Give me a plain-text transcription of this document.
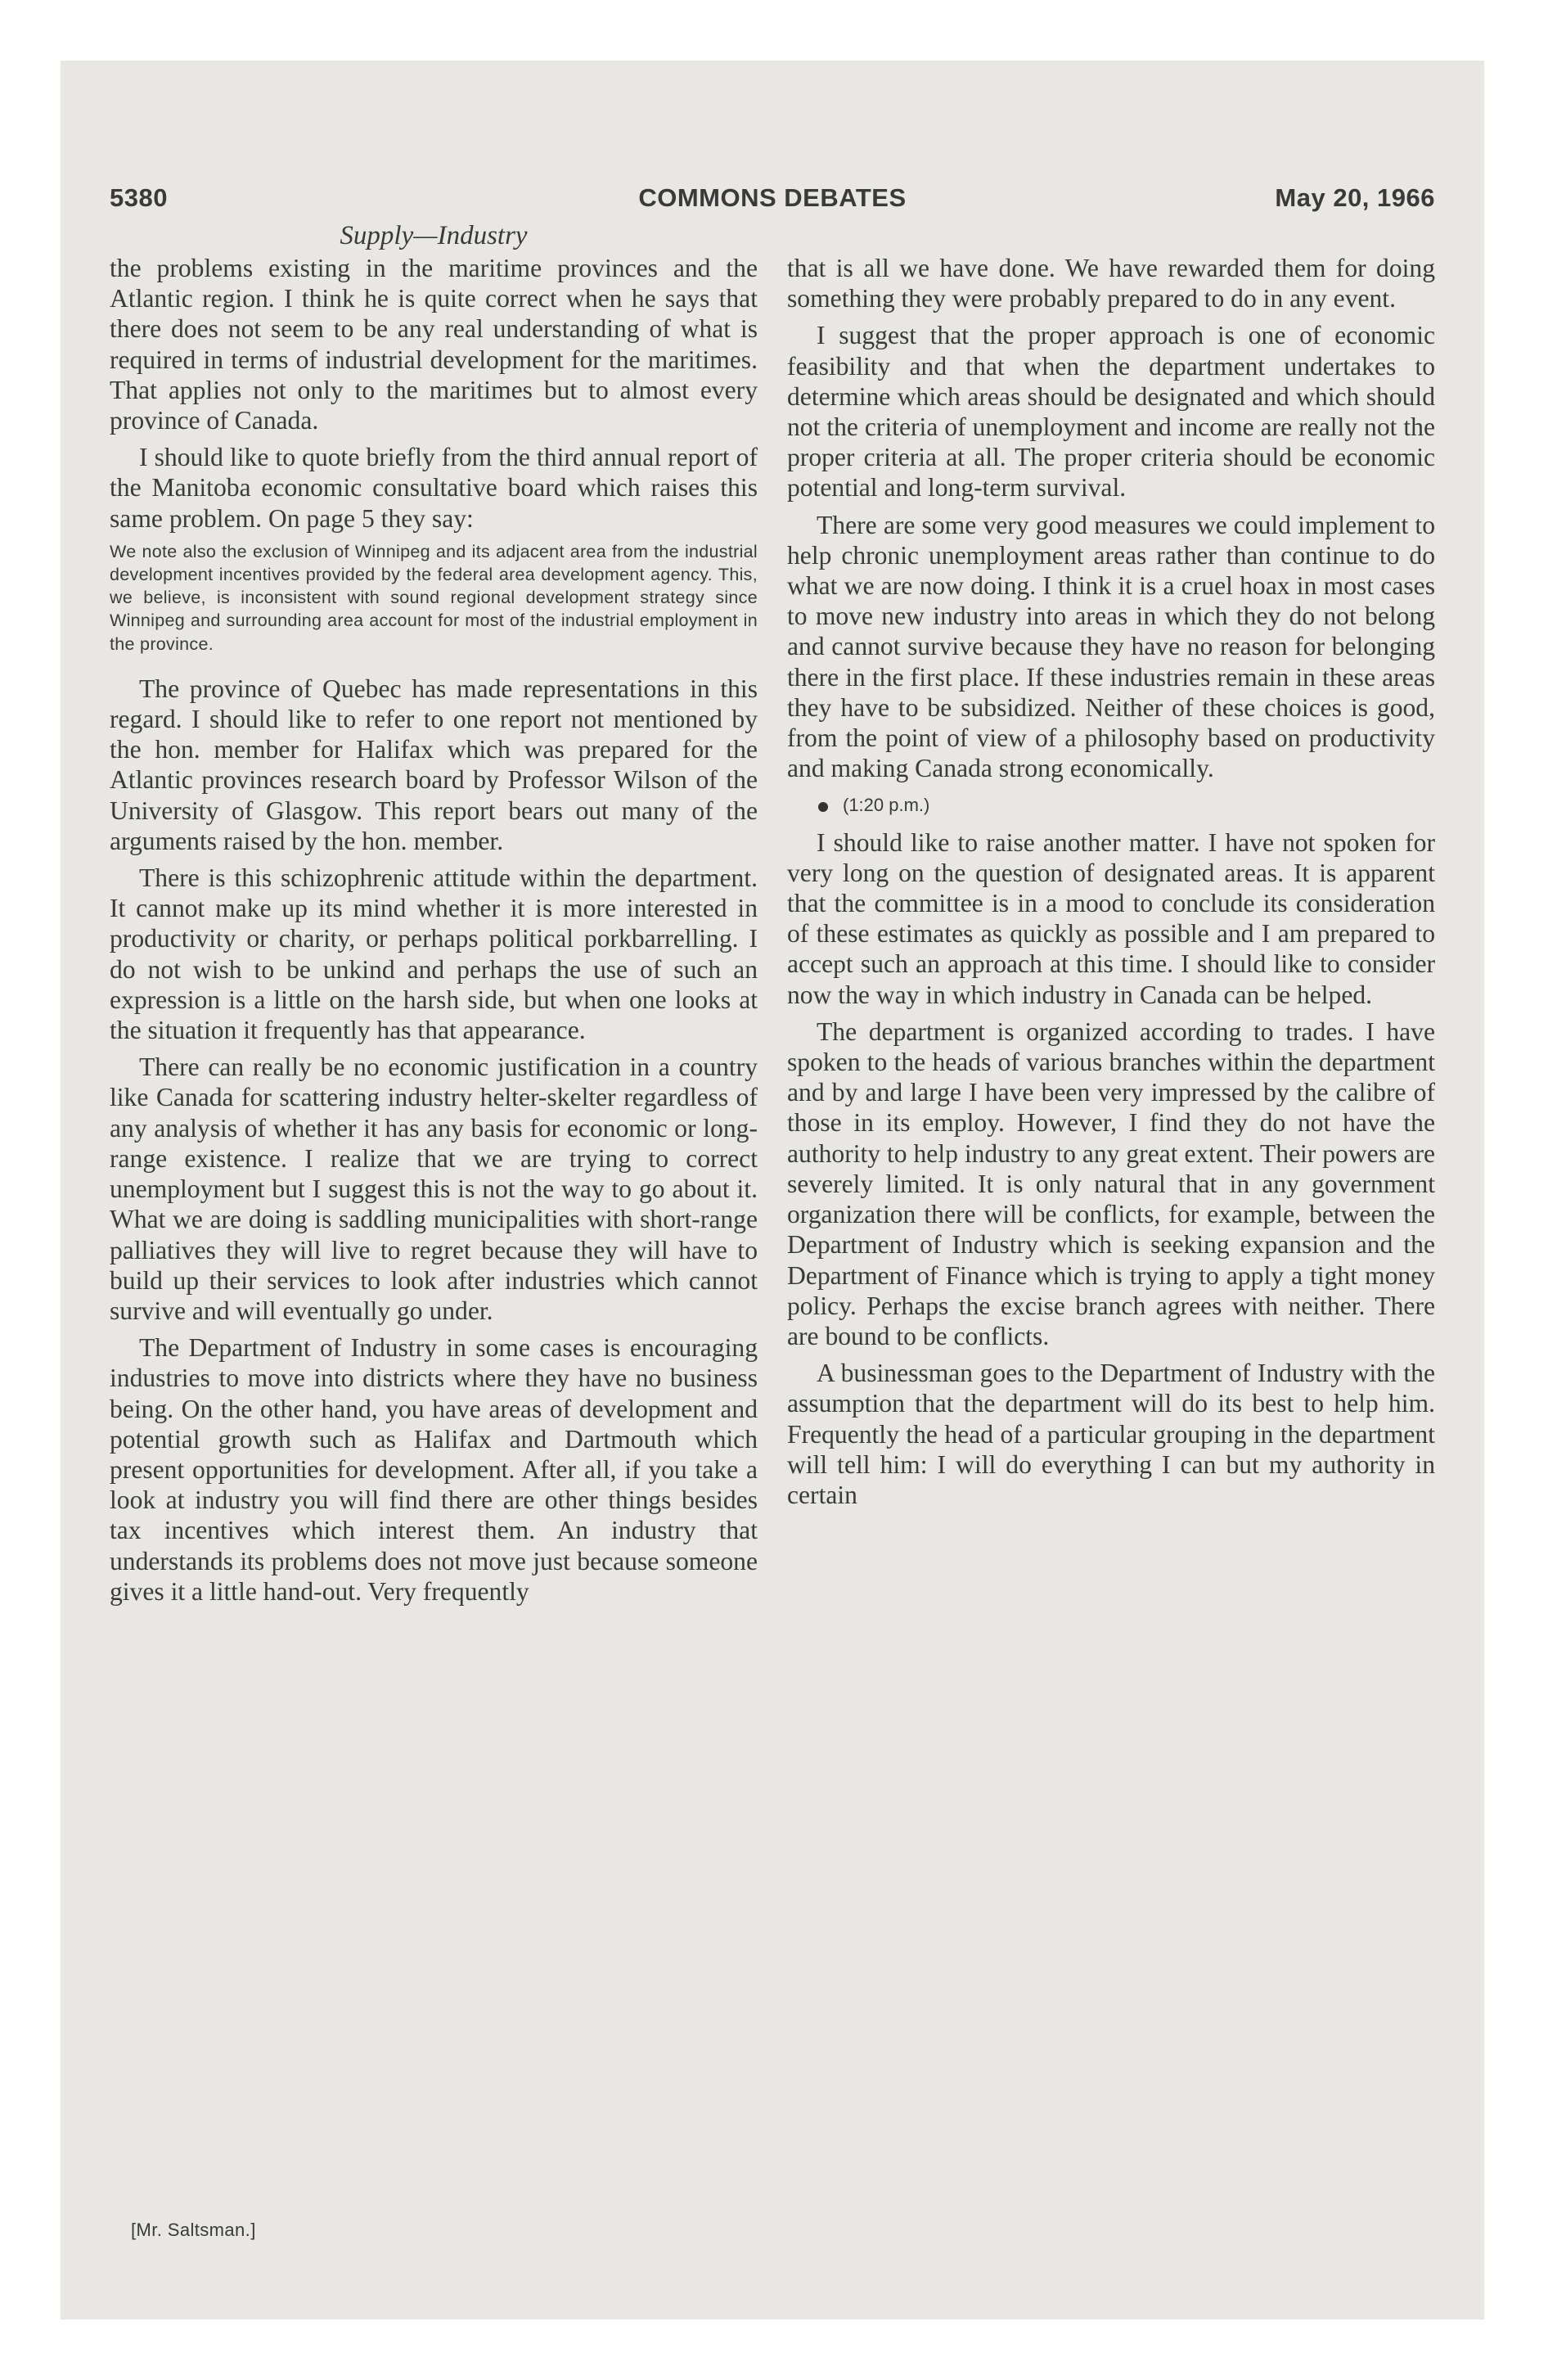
5380	COMMONS DEBATES	May 20, 1966
Supply—Industry

the problems existing in the maritime provinces and the Atlantic region. I think he is quite correct when he says that there does not seem to be any real understanding of what is required in terms of industrial development for the maritimes. That applies not only to the maritimes but to almost every province of Canada.

I should like to quote briefly from the third annual report of the Manitoba economic consultative board which raises this same problem. On page 5 they say:

We note also the exclusion of Winnipeg and its adjacent area from the industrial development incentives provided by the federal area development agency. This, we believe, is inconsistent with sound regional development strategy since Winnipeg and surrounding area account for most of the industrial employment in the province.

The province of Quebec has made representations in this regard. I should like to refer to one report not mentioned by the hon. member for Halifax which was prepared for the Atlantic provinces research board by Professor Wilson of the University of Glasgow. This report bears out many of the arguments raised by the hon. member.

There is this schizophrenic attitude within the department. It cannot make up its mind whether it is more interested in productivity or charity, or perhaps political porkbarrelling. I do not wish to be unkind and perhaps the use of such an expression is a little on the harsh side, but when one looks at the situation it frequently has that appearance.

There can really be no economic justification in a country like Canada for scattering industry helter-skelter regardless of any analysis of whether it has any basis for economic or long-range existence. I realize that we are trying to correct unemployment but I suggest this is not the way to go about it. What we are doing is saddling municipalities with short-range palliatives they will live to regret because they will have to build up their services to look after industries which cannot survive and will eventually go under.

The Department of Industry in some cases is encouraging industries to move into districts where they have no business being. On the other hand, you have areas of development and potential growth such as Halifax and Dartmouth which present opportunities for development. After all, if you take a look at industry you will find there are other things besides tax incentives which interest them. An industry that understands its problems does not move just because someone gives it a little hand-out. Very frequently

[Mr. Saltsman.]

that is all we have done. We have rewarded them for doing something they were probably prepared to do in any event.

I suggest that the proper approach is one of economic feasibility and that when the department undertakes to determine which areas should be designated and which should not the criteria of unemployment and income are really not the proper criteria at all. The proper criteria should be economic potential and long-term survival.

There are some very good measures we could implement to help chronic unemployment areas rather than continue to do what we are now doing. I think it is a cruel hoax in most cases to move new industry into areas in which they do not belong and cannot survive because they have no reason for belonging there in the first place. If these industries remain in these areas they have to be subsidized. Neither of these choices is good, from the point of view of a philosophy based on productivity and making Canada strong economically.

(1:20 p.m.)

I should like to raise another matter. I have not spoken for very long on the question of designated areas. It is apparent that the committee is in a mood to conclude its consideration of these estimates as quickly as possible and I am prepared to accept such an approach at this time. I should like to consider now the way in which industry in Canada can be helped.

The department is organized according to trades. I have spoken to the heads of various branches within the department and by and large I have been very impressed by the calibre of those in its employ. However, I find they do not have the authority to help industry to any great extent. Their powers are severely limited. It is only natural that in any government organization there will be conflicts, for example, between the Department of Industry which is seeking expansion and the Department of Finance which is trying to apply a tight money policy. Perhaps the excise branch agrees with neither. There are bound to be conflicts.

A businessman goes to the Department of Industry with the assumption that the department will do its best to help him. Frequently the head of a particular grouping in the department will tell him: I will do everything I can but my authority in certain
